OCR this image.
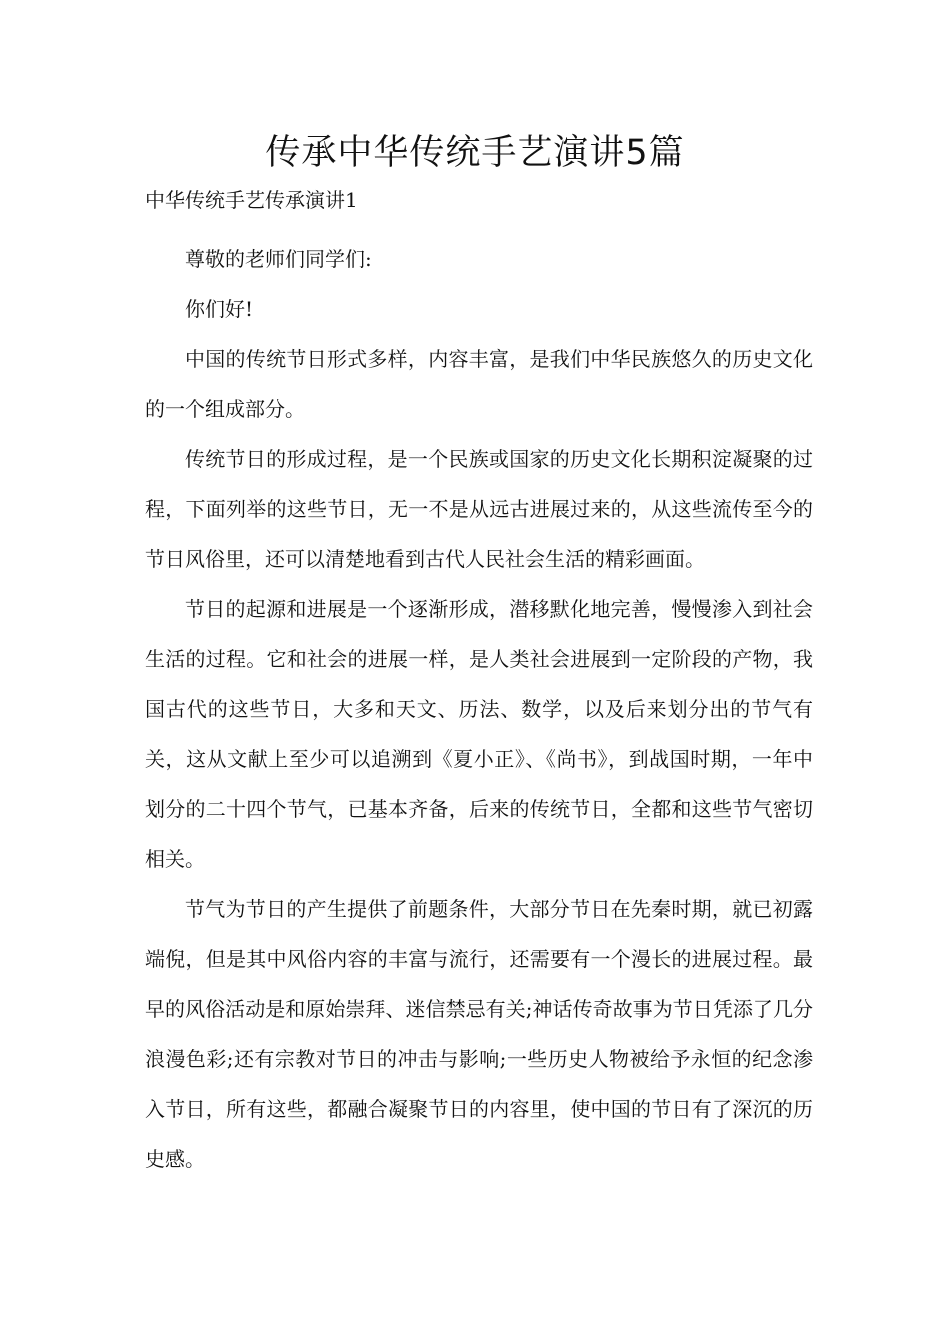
传承中华传统手艺演讲5篇
中华传统手艺传承演讲1

尊敬的老师们同学们:

你们好!

中国的传统节日形式多样，内容丰富，是我们中华民族悠久的历史文化的一个组成部分。

传统节日的形成过程，是一个民族或国家的历史文化长期积淀凝聚的过程，下面列举的这些节日，无一不是从远古进展过来的，从这些流传至今的节日风俗里，还可以清楚地看到古代人民社会生活的精彩画面。

节日的起源和进展是一个逐渐形成，潜移默化地完善，慢慢渗入到社会生活的过程。它和社会的进展一样，是人类社会进展到一定阶段的产物，我国古代的这些节日，大多和天文、历法、数学，以及后来划分出的节气有关，这从文献上至少可以追溯到《夏小正》、《尚书》，到战国时期，一年中划分的二十四个节气，已基本齐备，后来的传统节日，全都和这些节气密切相关。

节气为节日的产生提供了前题条件，大部分节日在先秦时期，就已初露端倪，但是其中风俗内容的丰富与流行，还需要有一个漫长的进展过程。最早的风俗活动是和原始崇拜、迷信禁忌有关;神话传奇故事为节日凭添了几分浪漫色彩;还有宗教对节日的冲击与影响;一些历史人物被给予永恒的纪念渗入节日，所有这些，都融合凝聚节日的内容里，使中国的节日有了深沉的历史感。
